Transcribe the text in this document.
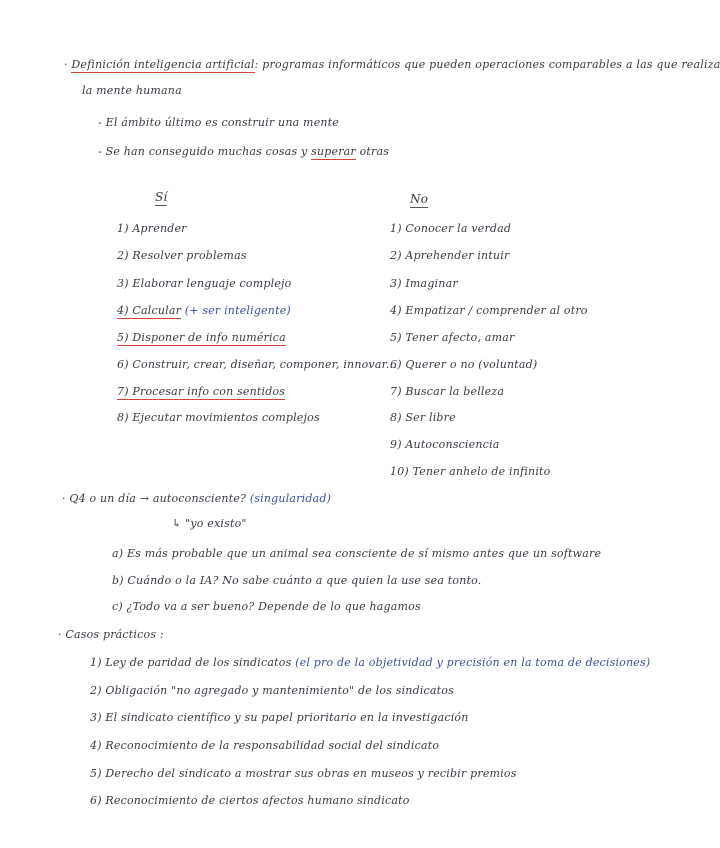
· Definición inteligencia artificial: programas informáticos que pueden operaciones comparables a las que realiza
la mente humana
- El ámbito último es construir una mente
- Se han conseguido muchas cosas y superar otras
Sí
1) Aprender
2) Resolver problemas
3) Elaborar lenguaje complejo
4) Calcular (+ ser inteligente)
5) Disponer de info numérica
6) Construir, crear, diseñar, componer, innovar...
7) Procesar info con sentidos
8) Ejecutar movimientos complejos
No
1) Conocer la verdad
2) Aprehender intuir
3) Imaginar
4) Empatizar / comprender al otro
5) Tener afecto, amar
6) Querer o no (voluntad)
7) Buscar la belleza
8) Ser libre
9) Autoconsciencia
10) Tener anhelo de infinito
· Q4 o un día → autoconsciente? (singularidad)
↳ "yo existo"
a) Es más probable que un animal sea consciente de sí mismo antes que un software
b) Cuándo o la IA? No sabe cuánto a que quien la use sea tonto.
c) ¿Todo va a ser bueno? Depende de lo que hagamos
· Casos prácticos :
1) Ley de paridad de los sindicatos (el pro de la objetividad y precisión en la toma de decisiones)
2) Obligación "no agregado y mantenimiento" de los sindicatos
3) El sindicato científico y su papel prioritario en la investigación
4) Reconocimiento de la responsabilidad social del sindicato
5) Derecho del sindicato a mostrar sus obras en museos y recibir premios
6) Reconocimiento de ciertos afectos humano sindicato
